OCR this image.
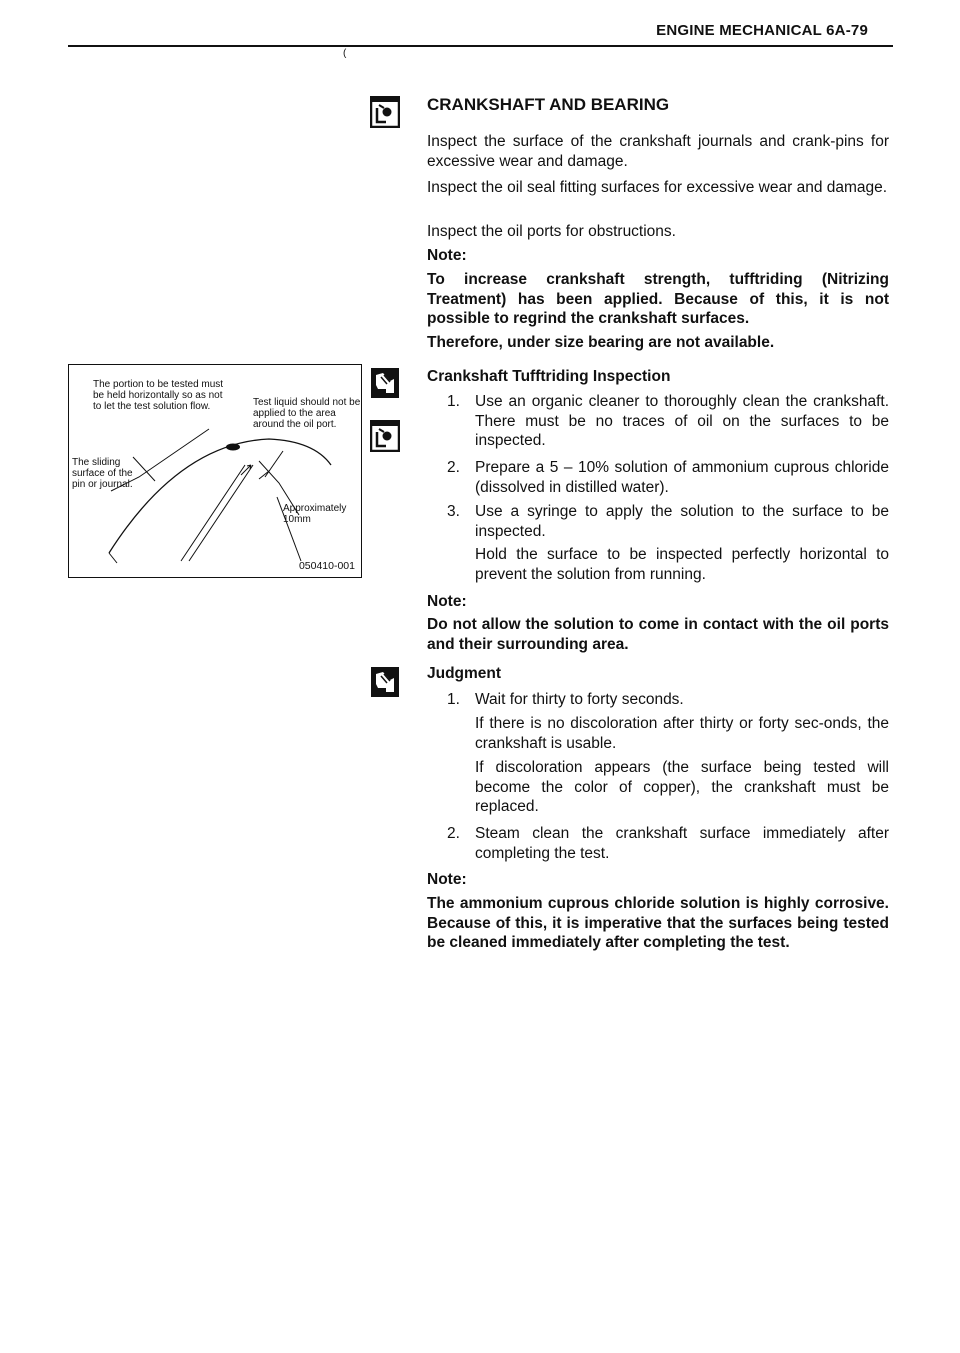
ENGINE MECHANICAL 6A-79
(
The portion to be tested must be held horizontally so as not to let the test solution flow.	Test liquid should not be applied to the area around the oil port.
The sliding surface of the pin or journal.
Approximately 10mm
050410-001
CRANKSHAFT AND BEARING
Inspect the surface of the crankshaft journals and crank-pins for excessive wear and damage.
Inspect the oil seal fitting surfaces for excessive wear and damage.
Inspect the oil ports for obstructions.
Note:
To increase crankshaft strength, tufftriding (Nitrizing Treatment) has been applied. Because of this, it is not possible to regrind the crankshaft surfaces.
Therefore, under size bearing are not available.
Crankshaft Tufftriding Inspection
1. Use an organic cleaner to thoroughly clean the crankshaft. There must be no traces of oil on the surfaces to be inspected.
2. Prepare a 5 – 10% solution of ammonium cuprous chloride (dissolved in distilled water).
3. Use a syringe to apply the solution to the surface to be inspected.
Hold the surface to be inspected perfectly horizontal to prevent the solution from running.
Note:
Do not allow the solution to come in contact with the oil ports and their surrounding area.
Judgment
1. Wait for thirty to forty seconds.
If there is no discoloration after thirty or forty sec-onds, the crankshaft is usable.
If discoloration appears (the surface being tested will become the color of copper), the crankshaft must be replaced.
2. Steam clean the crankshaft surface immediately after completing the test.
Note:
The ammonium cuprous chloride solution is highly corrosive. Because of this, it is imperative that the surfaces being tested be cleaned immediately after completing the test.
